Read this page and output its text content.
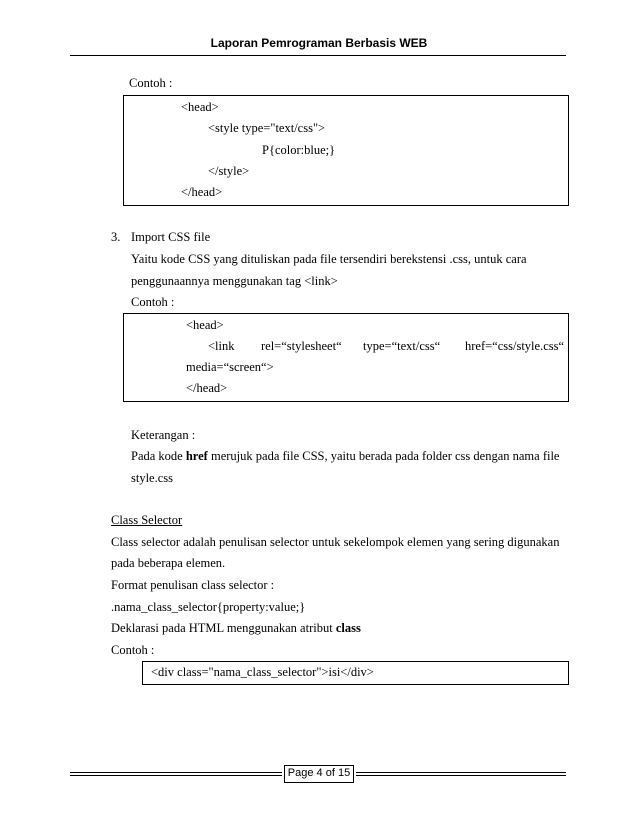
Laporan Pemrograman Berbasis WEB
Contoh :
<head>
<style type="text/css">
P{color:blue;}
</style>
</head>
3. Import CSS file
Yaitu kode CSS yang dituliskan pada file tersendiri berekstensi .css, untuk cara
penggunaannya menggunakan tag <link>
Contoh :
<head>
<link rel=“stylesheet“ type=“text/css“ href=“css/style.css“
media=“screen“>
</head>
Keterangan :
Pada kode href merujuk pada file CSS, yaitu berada pada folder css dengan nama file
style.css
Class Selector
Class selector adalah penulisan selector untuk sekelompok elemen yang sering digunakan
pada beberapa elemen.
Format penulisan class selector :
.nama_class_selector{property:value;}
Deklarasi pada HTML menggunakan atribut class
Contoh :
<div class="nama_class_selector">isi</div>
Page 4 of 15
